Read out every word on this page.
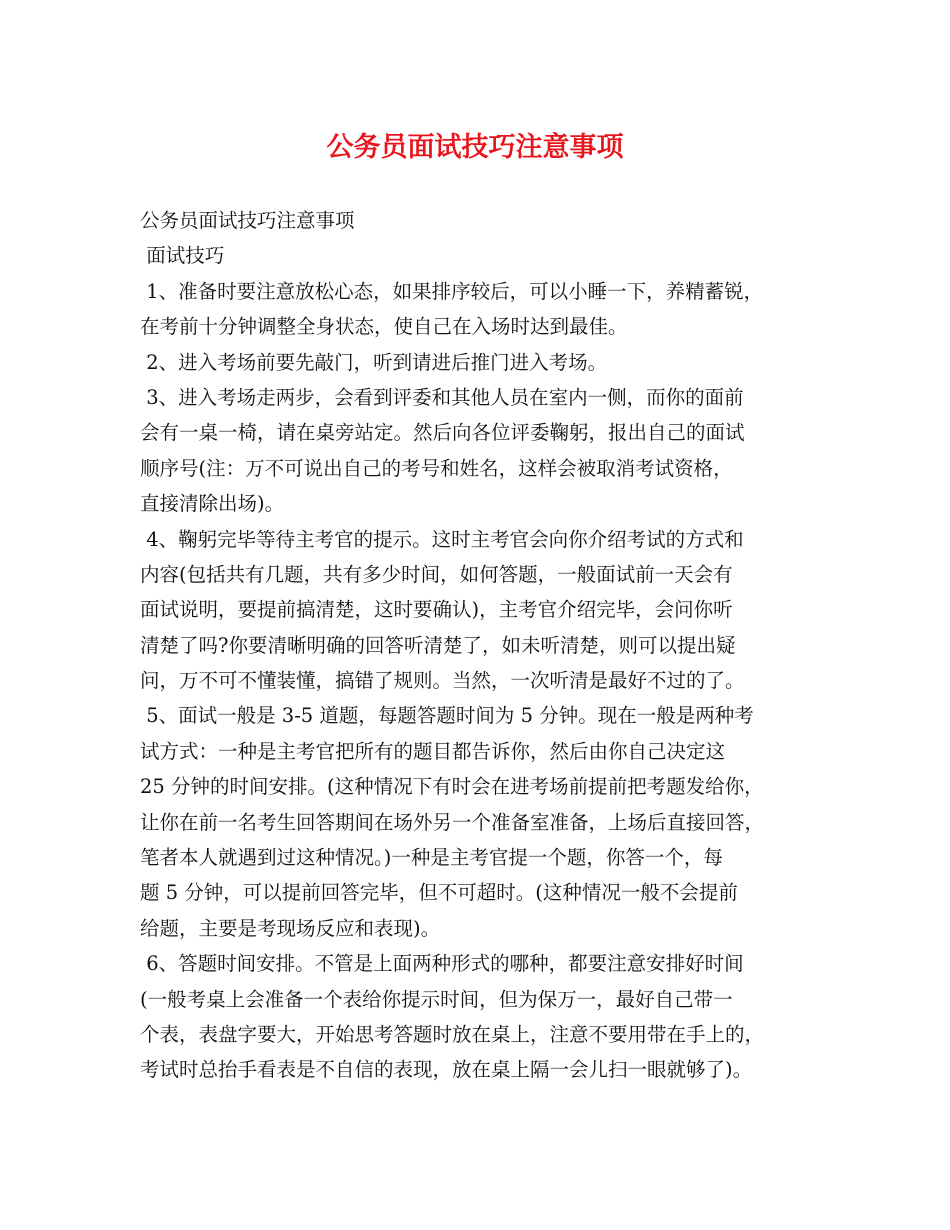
公务员面试技巧注意事项
公务员面试技巧注意事项
面试技巧
1、准备时要注意放松心态，如果排序较后，可以小睡一下，养精蓄锐，
在考前十分钟调整全身状态，使自己在入场时达到最佳。
2、进入考场前要先敲门，听到请进后推门进入考场。
3、进入考场走两步，会看到评委和其他人员在室内一侧，而你的面前
会有一桌一椅，请在桌旁站定。然后向各位评委鞠躬，报出自己的面试
顺序号(注：万不可说出自己的考号和姓名，这样会被取消考试资格，
直接清除出场)。
4、鞠躬完毕等待主考官的提示。这时主考官会向你介绍考试的方式和
内容(包括共有几题，共有多少时间，如何答题，一般面试前一天会有
面试说明，要提前搞清楚，这时要确认)，主考官介绍完毕，会问你听
清楚了吗?你要清晰明确的回答听清楚了，如未听清楚，则可以提出疑
问，万不可不懂装懂，搞错了规则。当然，一次听清是最好不过的了。
5、面试一般是 3-5 道题，每题答题时间为 5 分钟。现在一般是两种考
试方式：一种是主考官把所有的题目都告诉你，然后由你自己决定这
25 分钟的时间安排。(这种情况下有时会在进考场前提前把考题发给你，
让你在前一名考生回答期间在场外另一个准备室准备，上场后直接回答，
笔者本人就遇到过这种情况。)一种是主考官提一个题，你答一个，每
题 5 分钟，可以提前回答完毕，但不可超时。(这种情况一般不会提前
给题，主要是考现场反应和表现)。
6、答题时间安排。不管是上面两种形式的哪种，都要注意安排好时间
(一般考桌上会准备一个表给你提示时间，但为保万一，最好自己带一
个表，表盘字要大，开始思考答题时放在桌上，注意不要用带在手上的，
考试时总抬手看表是不自信的表现，放在桌上隔一会儿扫一眼就够了)。
